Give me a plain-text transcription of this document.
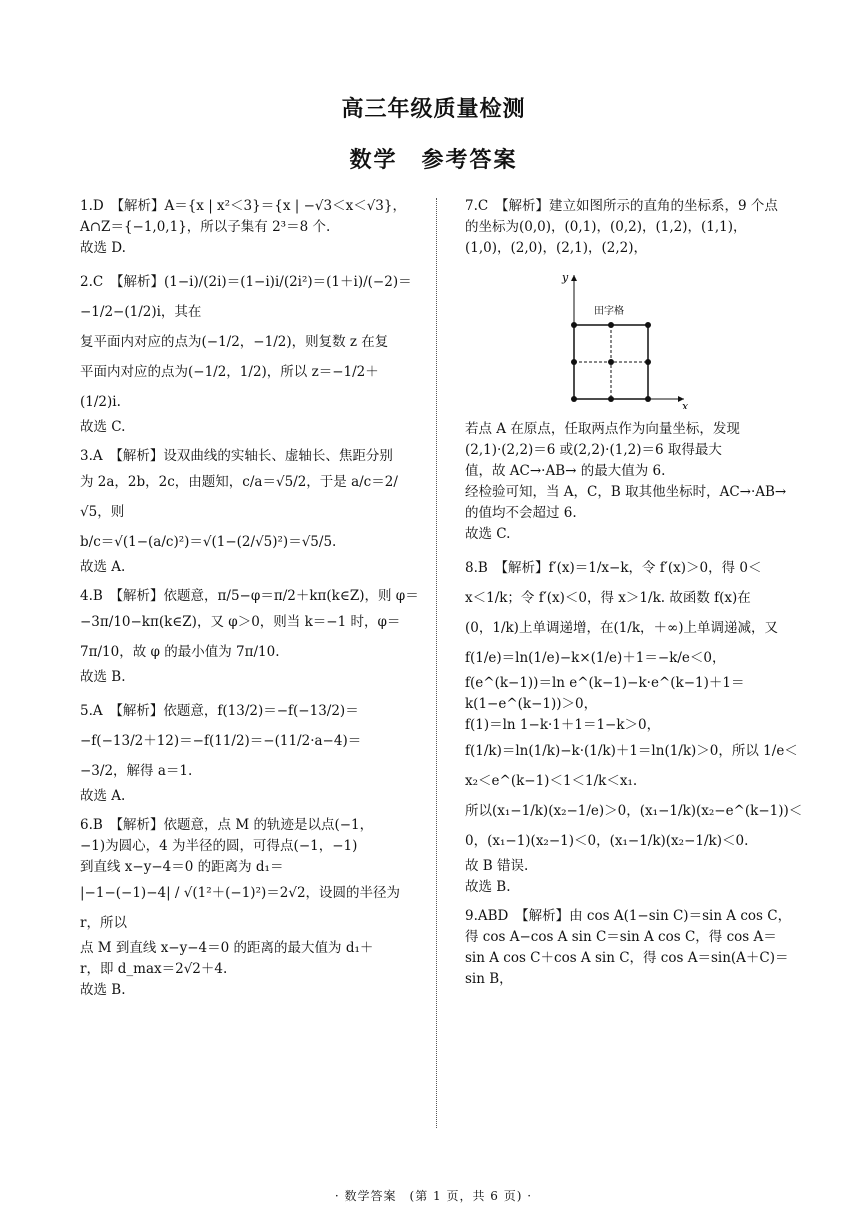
高三年级质量检测
数学　参考答案
1.D　【解析】A＝{x | x²＜3}＝{x | −√3＜x＜√3}，
A∩Z＝{−1,0,1}，所以子集有 2³＝8 个.
故选 D.
2.C　【解析】(1−i)/(2i)＝(1−i)i/(2i²)＝(1＋i)/(−2)＝−1/2−(1/2)i，其在
复平面内对应的点为(−1/2，−1/2)，则复数 z 在复
平面内对应的点为(−1/2，1/2)，所以 z＝−1/2＋
(1/2)i.
故选 C.
3.A　【解析】设双曲线的实轴长、虚轴长、焦距分别
为 2a，2b，2c，由题知，c/a＝√5/2，于是 a/c＝2/√5，则
b/c＝√(1−(a/c)²)＝√(1−(2/√5)²)＝√5/5.
故选 A.
4.B　【解析】依题意，π/5−φ＝π/2＋kπ(k∈Z)，则 φ＝
−3π/10−kπ(k∈Z)，又 φ＞0，则当 k＝−1 时，φ＝
7π/10，故 φ 的最小值为 7π/10.
故选 B.
5.A　【解析】依题意，f(13/2)＝−f(−13/2)＝
−f(−13/2＋12)＝−f(11/2)＝−(11/2·a−4)＝
−3/2，解得 a＝1.
故选 A.
6.B　【解析】依题意，点 M 的轨迹是以点(−1，
−1)为圆心，4 为半径的圆，可得点(−1，−1)
到直线 x−y−4＝0 的距离为 d₁＝
|−1−(−1)−4| / √(1²＋(−1)²)＝2√2，设圆的半径为 r，所以
点 M 到直线 x−y−4＝0 的距离的最大值为 d₁＋
r，即 d_max＝2√2＋4.
故选 B.
7.C　【解析】建立如图所示的直角的坐标系，9 个点
的坐标为(0,0)，(0,1)，(0,2)，(1,2)，(1,1)，
(1,0)，(2,0)，(2,1)，(2,2)，
y
x
田字格
若点 A 在原点，任取两点作为向量坐标，发现
(2,1)·(2,2)＝6 或(2,2)·(1,2)＝6 取得最大
值，故 AC→·AB→ 的最大值为 6.
经检验可知，当 A，C，B 取其他坐标时，AC→·AB→
的值均不会超过 6.
故选 C.
8.B　【解析】f′(x)＝1/x−k，令 f′(x)＞0，得 0＜
x＜1/k；令 f′(x)＜0，得 x＞1/k. 故函数 f(x)在
(0，1/k)上单调递增，在(1/k，＋∞)上单调递减，又
f(1/e)＝ln(1/e)−k×(1/e)＋1＝−k/e＜0，
f(e^(k−1))＝ln e^(k−1)−k·e^(k−1)＋1＝k(1−e^(k−1))＞0，
f(1)＝ln 1−k·1＋1＝1−k＞0，
f(1/k)＝ln(1/k)−k·(1/k)＋1＝ln(1/k)＞0，所以 1/e＜
x₂＜e^(k−1)＜1＜1/k＜x₁.
所以(x₁−1/k)(x₂−1/e)＞0，(x₁−1/k)(x₂−e^(k−1))＜
0，(x₁−1)(x₂−1)＜0，(x₁−1/k)(x₂−1/k)＜0.
故 B 错误.
故选 B.
9.ABD　【解析】由 cos A(1−sin C)＝sin A cos C，
得 cos A−cos A sin C＝sin A cos C，得 cos A＝
sin A cos C＋cos A sin C，得 cos A＝sin(A＋C)＝
sin B，
· 数学答案　(第 1 页，共 6 页) ·
